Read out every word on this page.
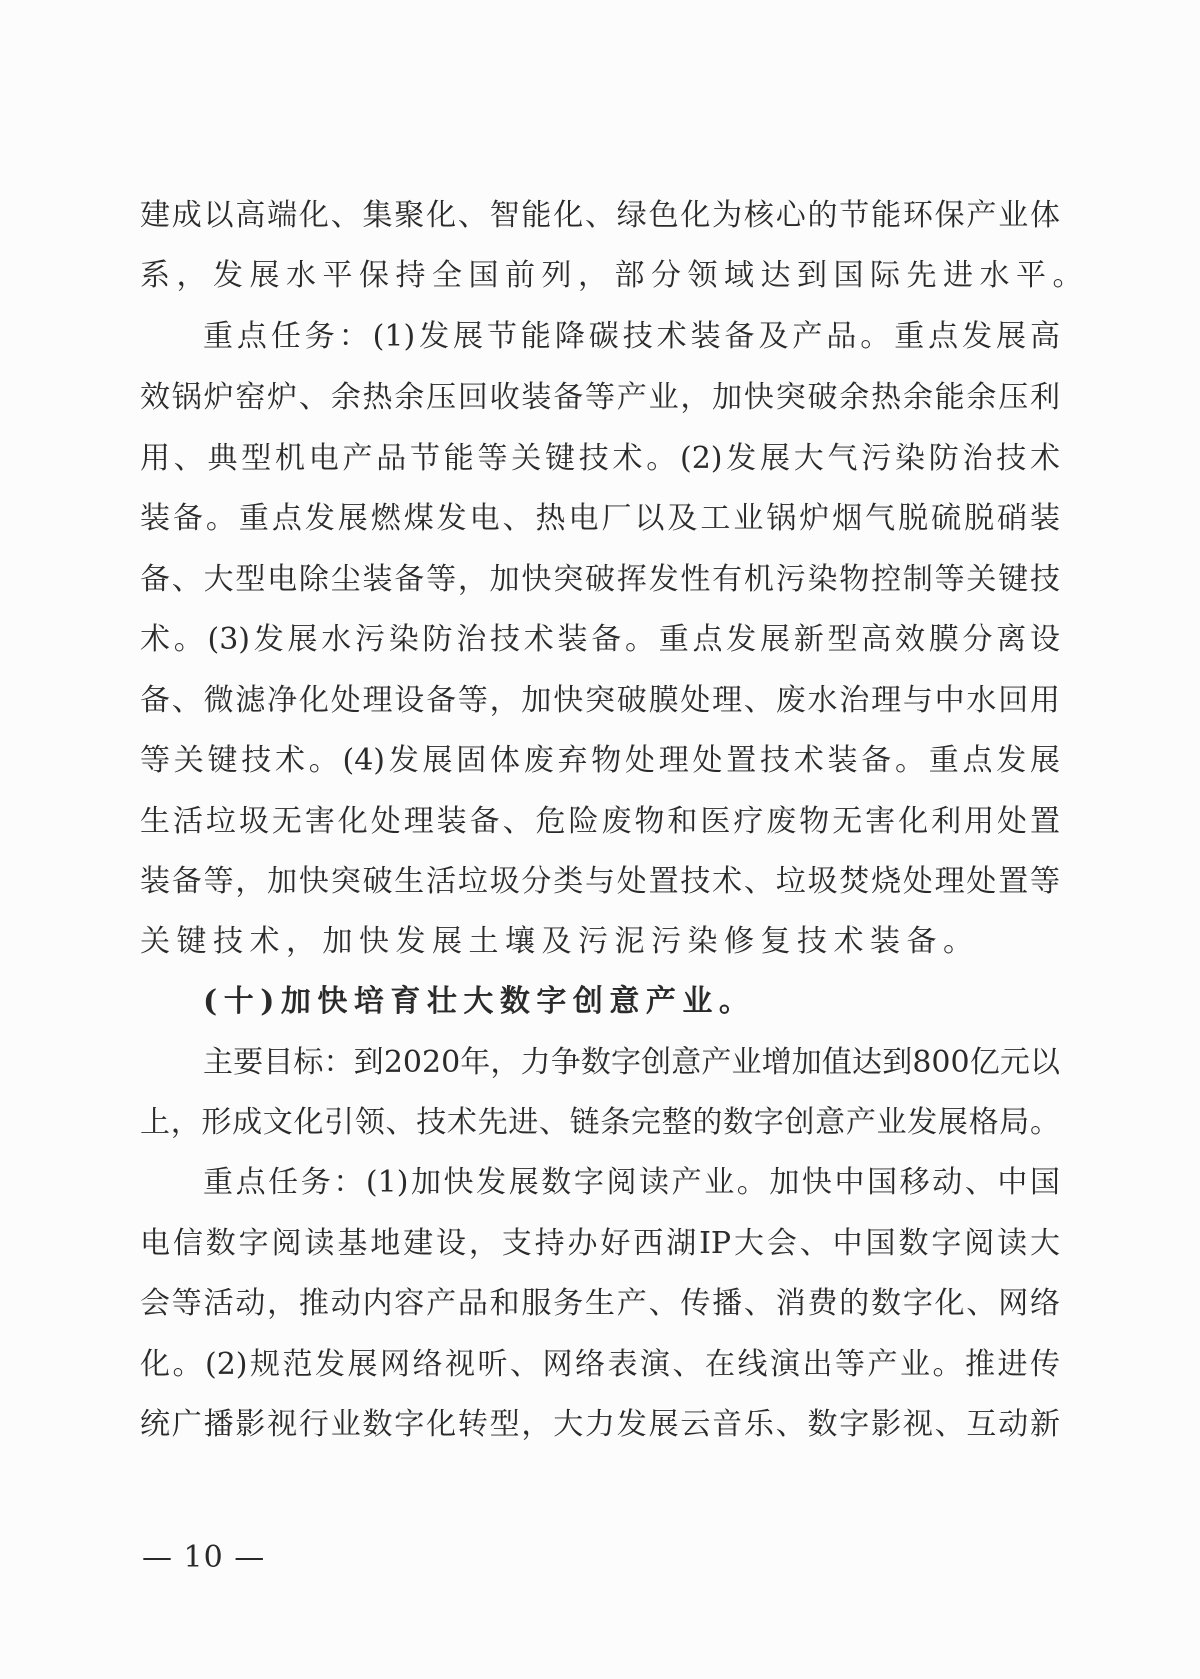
建成以高端化、集聚化、智能化、绿色化为核心的节能环保产业体
系，发展水平保持全国前列，部分领域达到国际先进水平。
重点任务：(1)发展节能降碳技术装备及产品。重点发展高
效锅炉窑炉、余热余压回收装备等产业，加快突破余热余能余压利
用、典型机电产品节能等关键技术。(2)发展大气污染防治技术
装备。重点发展燃煤发电、热电厂以及工业锅炉烟气脱硫脱硝装
备、大型电除尘装备等，加快突破挥发性有机污染物控制等关键技
术。(3)发展水污染防治技术装备。重点发展新型高效膜分离设
备、微滤净化处理设备等，加快突破膜处理、废水治理与中水回用
等关键技术。(4)发展固体废弃物处理处置技术装备。重点发展
生活垃圾无害化处理装备、危险废物和医疗废物无害化利用处置
装备等，加快突破生活垃圾分类与处置技术、垃圾焚烧处理处置等
关键技术，加快发展土壤及污泥污染修复技术装备。
(十)加快培育壮大数字创意产业。
主要目标：到2020年，力争数字创意产业增加值达到800亿元以
上，形成文化引领、技术先进、链条完整的数字创意产业发展格局。
重点任务：(1)加快发展数字阅读产业。加快中国移动、中国
电信数字阅读基地建设，支持办好西湖IP大会、中国数字阅读大
会等活动，推动内容产品和服务生产、传播、消费的数字化、网络
化。(2)规范发展网络视听、网络表演、在线演出等产业。推进传
统广播影视行业数字化转型，大力发展云音乐、数字影视、互动新
— 10 —
